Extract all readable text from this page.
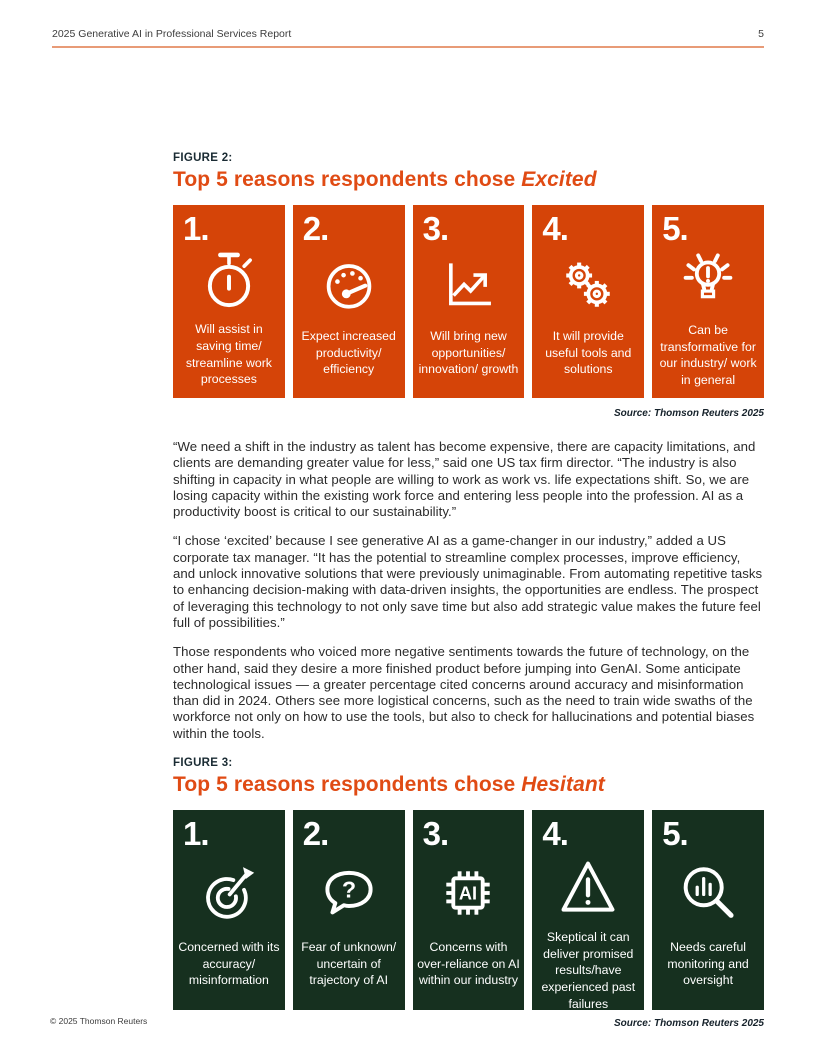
2025 Generative AI in Professional Services Report	5
FIGURE 2:
Top 5 reasons respondents chose Excited
1.
Will assist in saving time/ streamline work processes
2.
Expect increased productivity/ efficiency
3.
Will bring new opportunities/ innovation/ growth
4.
It will provide useful tools and solutions
5.
Can be transformative for our industry/ work in general
Source: Thomson Reuters 2025

“We need a shift in the industry as talent has become expensive, there are capacity limitations, and clients are demanding greater value for less,” said one US tax firm director. “The industry is also shifting in capacity in what people are willing to work as work vs. life expectations shift. So, we are losing capacity within the existing work force and entering less people into the profession. AI as a productivity boost is critical to our sustainability.”

“I chose ‘excited’ because I see generative AI as a game-changer in our industry,” added a US corporate tax manager. “It has the potential to streamline complex processes, improve efficiency, and unlock innovative solutions that were previously unimaginable. From automating repetitive tasks to enhancing decision-making with data-driven insights, the opportunities are endless. The prospect of leveraging this technology to not only save time but also add strategic value makes the future feel full of possibilities.”

Those respondents who voiced more negative sentiments towards the future of technology, on the other hand, said they desire a more finished product before jumping into GenAI. Some anticipate technological issues — a greater percentage cited concerns around accuracy and misinformation than did in 2024. Others see more logistical concerns, such as the need to train wide swaths of the workforce not only on how to use the tools, but also to check for hallucinations and potential biases within the tools.

FIGURE 3:
Top 5 reasons respondents chose Hesitant
1.
Concerned with its accuracy/ misinformation
2.
?
Fear of unknown/ uncertain of trajectory of AI
3.
AI
Concerns with over-reliance on AI within our industry
4.
Skeptical it can deliver promised results/have experienced past failures
5.
Needs careful monitoring and oversight
Source: Thomson Reuters 2025
© 2025 Thomson Reuters
